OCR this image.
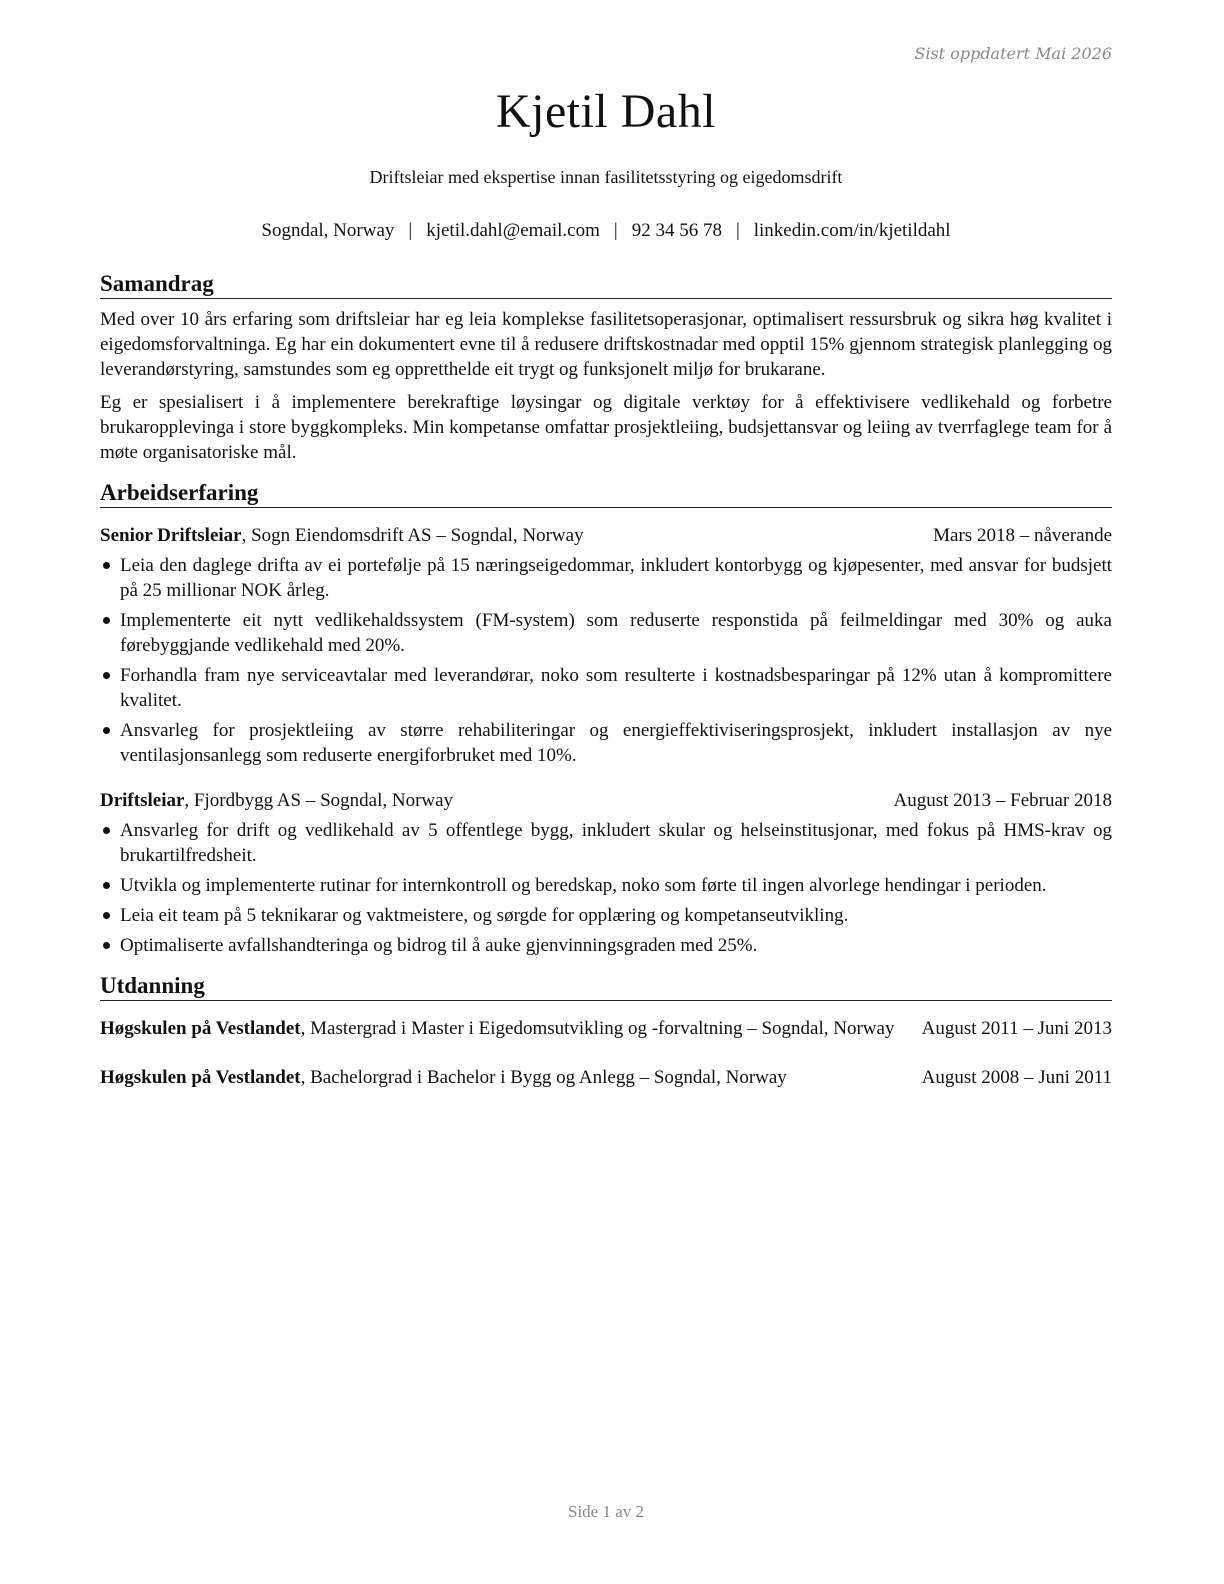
Sist oppdatert Mai 2026
Kjetil Dahl
Driftsleiar med ekspertise innan fasilitetsstyring og eigedomsdrift
Sogndal, Norway | kjetil.dahl@email.com | 92 34 56 78 | linkedin.com/in/kjetildahl
Samandrag

Med over 10 års erfaring som driftsleiar har eg leia komplekse fasilitetsoperasjonar, optimalisert ressursbruk og sikra høg kvalitet i eigedomsforvaltninga. Eg har ein dokumentert evne til å redusere driftskostnadar med opptil 15% gjennom strategisk planlegging og leverandørstyring, samstundes som eg oppretthelde eit trygt og funksjonelt miljø for brukarane.

Eg er spesialisert i å implementere berekraftige løysingar og digitale verktøy for å effektivisere vedlikehald og forbetre brukaropplevinga i store byggkompleks. Min kompetanse omfattar prosjektleiing, budsjettansvar og leiing av tverrfaglege team for å møte organisatoriske mål.

Arbeidserfaring
Senior Driftsleiar, Sogn Eiendomsdrift AS – Sogndal, Norway	Mars 2018 – nåverande
Leia den daglege drifta av ei portefølje på 15 næringseigedommar, inkludert kontorbygg og kjøpesenter, med ansvar for budsjett på 25 millionar NOK årleg.
Implementerte eit nytt vedlikehaldssystem (FM-system) som reduserte responstida på feilmeldingar med 30% og auka førebyggjande vedlikehald med 20%.
Forhandla fram nye serviceavtalar med leverandørar, noko som resulterte i kostnadsbesparingar på 12% utan å kompromittere kvalitet.
Ansvarleg for prosjektleiing av større rehabiliteringar og energieffektiviseringsprosjekt, inkludert installasjon av nye ventilasjonsanlegg som reduserte energiforbruket med 10%.
Driftsleiar, Fjordbygg AS – Sogndal, Norway	August 2013 – Februar 2018
Ansvarleg for drift og vedlikehald av 5 offentlege bygg, inkludert skular og helseinstitusjonar, med fokus på HMS-krav og brukartilfredsheit.
Utvikla og implementerte rutinar for internkontroll og beredskap, noko som førte til ingen alvorlege hendingar i perioden.
Leia eit team på 5 teknikarar og vaktmeistere, og sørgde for opplæring og kompetanseutvikling.
Optimaliserte avfallshandteringa og bidrog til å auke gjenvinningsgraden med 25%.
Utdanning
Høgskulen på Vestlandet, Mastergrad i Master i Eigedomsutvikling og -forvaltning – Sogndal, Norway	August 2011 – Juni 2013
Høgskulen på Vestlandet, Bachelorgrad i Bachelor i Bygg og Anlegg – Sogndal, Norway	August 2008 – Juni 2011
Side 1 av 2
